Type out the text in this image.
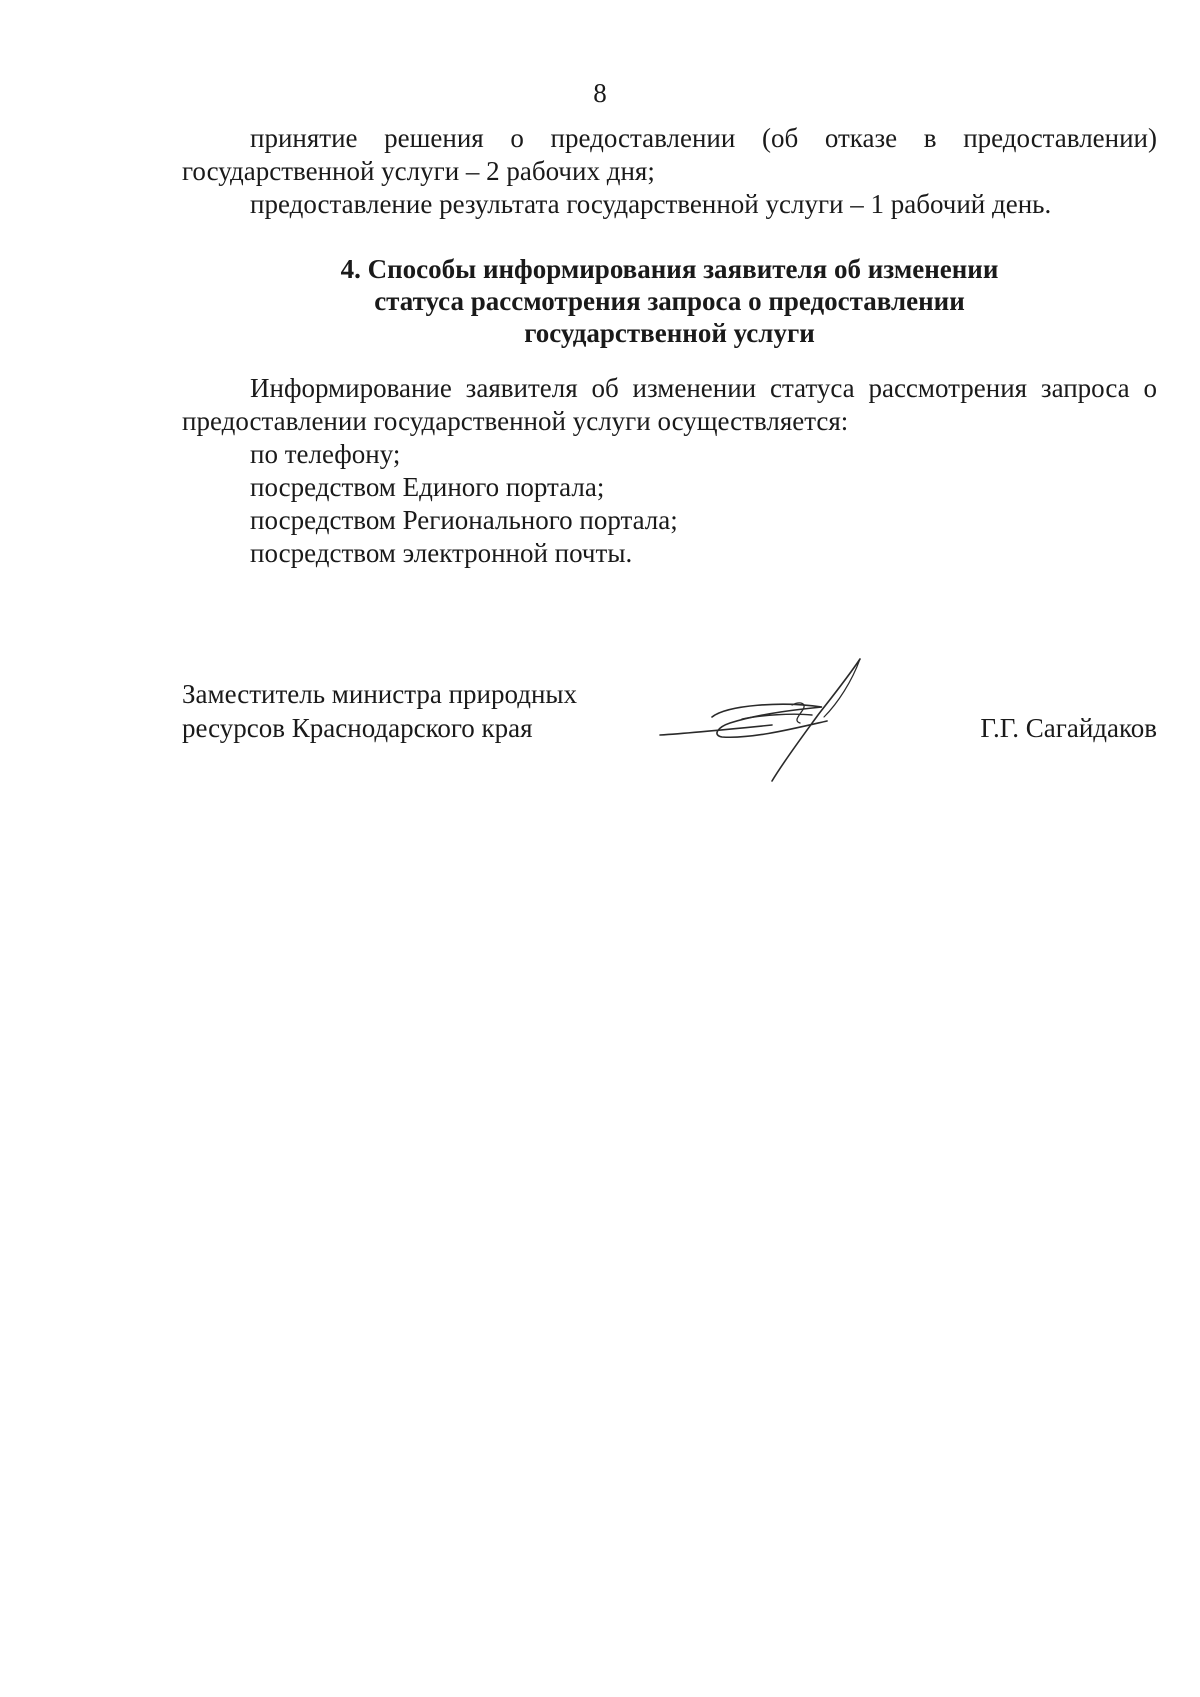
8

принятие решения о предоставлении (об отказе в предоставлении) государственной услуги – 2 рабочих дня;

предоставление результата государственной услуги – 1 рабочий день.

4. Способы информирования заявителя об изменении
статуса рассмотрения запроса о предоставлении
государственной услуги

Информирование заявителя об изменении статуса рассмотрения запроса о предоставлении государственной услуги осуществляется:

по телефону;

посредством Единого портала;

посредством Регионального портала;

посредством электронной почты.

Заместитель министра природных
ресурсов Краснодарского края	Г.Г. Сагайдаков
